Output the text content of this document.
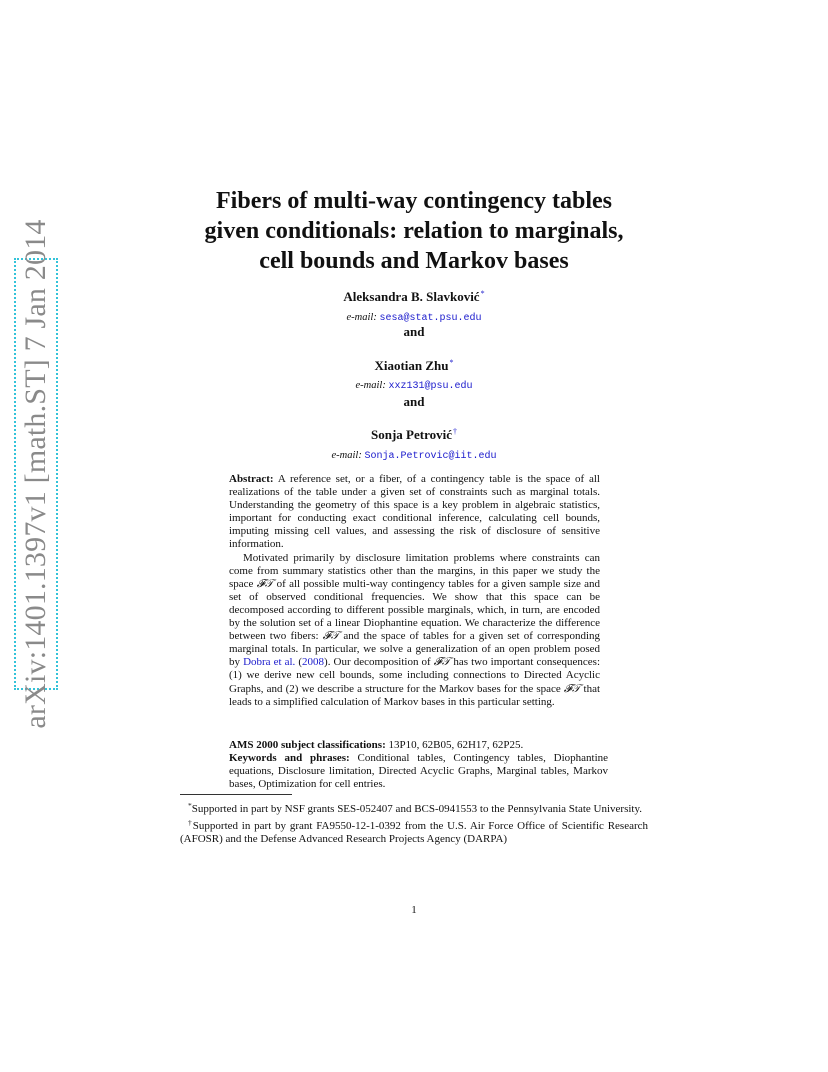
arXiv:1401.1397v1 [math.ST] 7 Jan 2014
Fibers of multi-way contingency tables
given conditionals: relation to marginals,
cell bounds and Markov bases
Aleksandra B. Slavković*
e-mail: sesa@stat.psu.edu
and
Xiaotian Zhu*
e-mail: xxz131@psu.edu
and
Sonja Petrović†
e-mail: Sonja.Petrovic@iit.edu

Abstract: A reference set, or a fiber, of a contingency table is the space of all realizations of the table under a given set of constraints such as marginal totals. Understanding the geometry of this space is a key problem in algebraic statistics, important for conducting exact conditional inference, calculating cell bounds, imputing missing cell values, and assessing the risk of disclosure of sensitive information.

Motivated primarily by disclosure limitation problems where constraints can come from summary statistics other than the margins, in this paper we study the space 𝓕𝒯 of all possible multi-way contingency tables for a given sample size and set of observed conditional frequencies. We show that this space can be decomposed according to different possible marginals, which, in turn, are encoded by the solution set of a linear Diophantine equation. We characterize the difference between two fibers: 𝓕𝒯 and the space of tables for a given set of corresponding marginal totals. In particular, we solve a generalization of an open problem posed by Dobra et al. (2008). Our decomposition of 𝓕𝒯 has two important consequences: (1) we derive new cell bounds, some including connections to Directed Acyclic Graphs, and (2) we describe a structure for the Markov bases for the space 𝓕𝒯 that leads to a simplified calculation of Markov bases in this particular setting.

AMS 2000 subject classifications: 13P10, 62B05, 62H17, 62P25.

Keywords and phrases: Conditional tables, Contingency tables, Diophantine equations, Disclosure limitation, Directed Acyclic Graphs, Marginal tables, Markov bases, Optimization for cell entries.

*Supported in part by NSF grants SES-052407 and BCS-0941553 to the Pennsylvania State University.

†Supported in part by grant FA9550-12-1-0392 from the U.S. Air Force Office of Scientific Research (AFOSR) and the Defense Advanced Research Projects Agency (DARPA)

1
